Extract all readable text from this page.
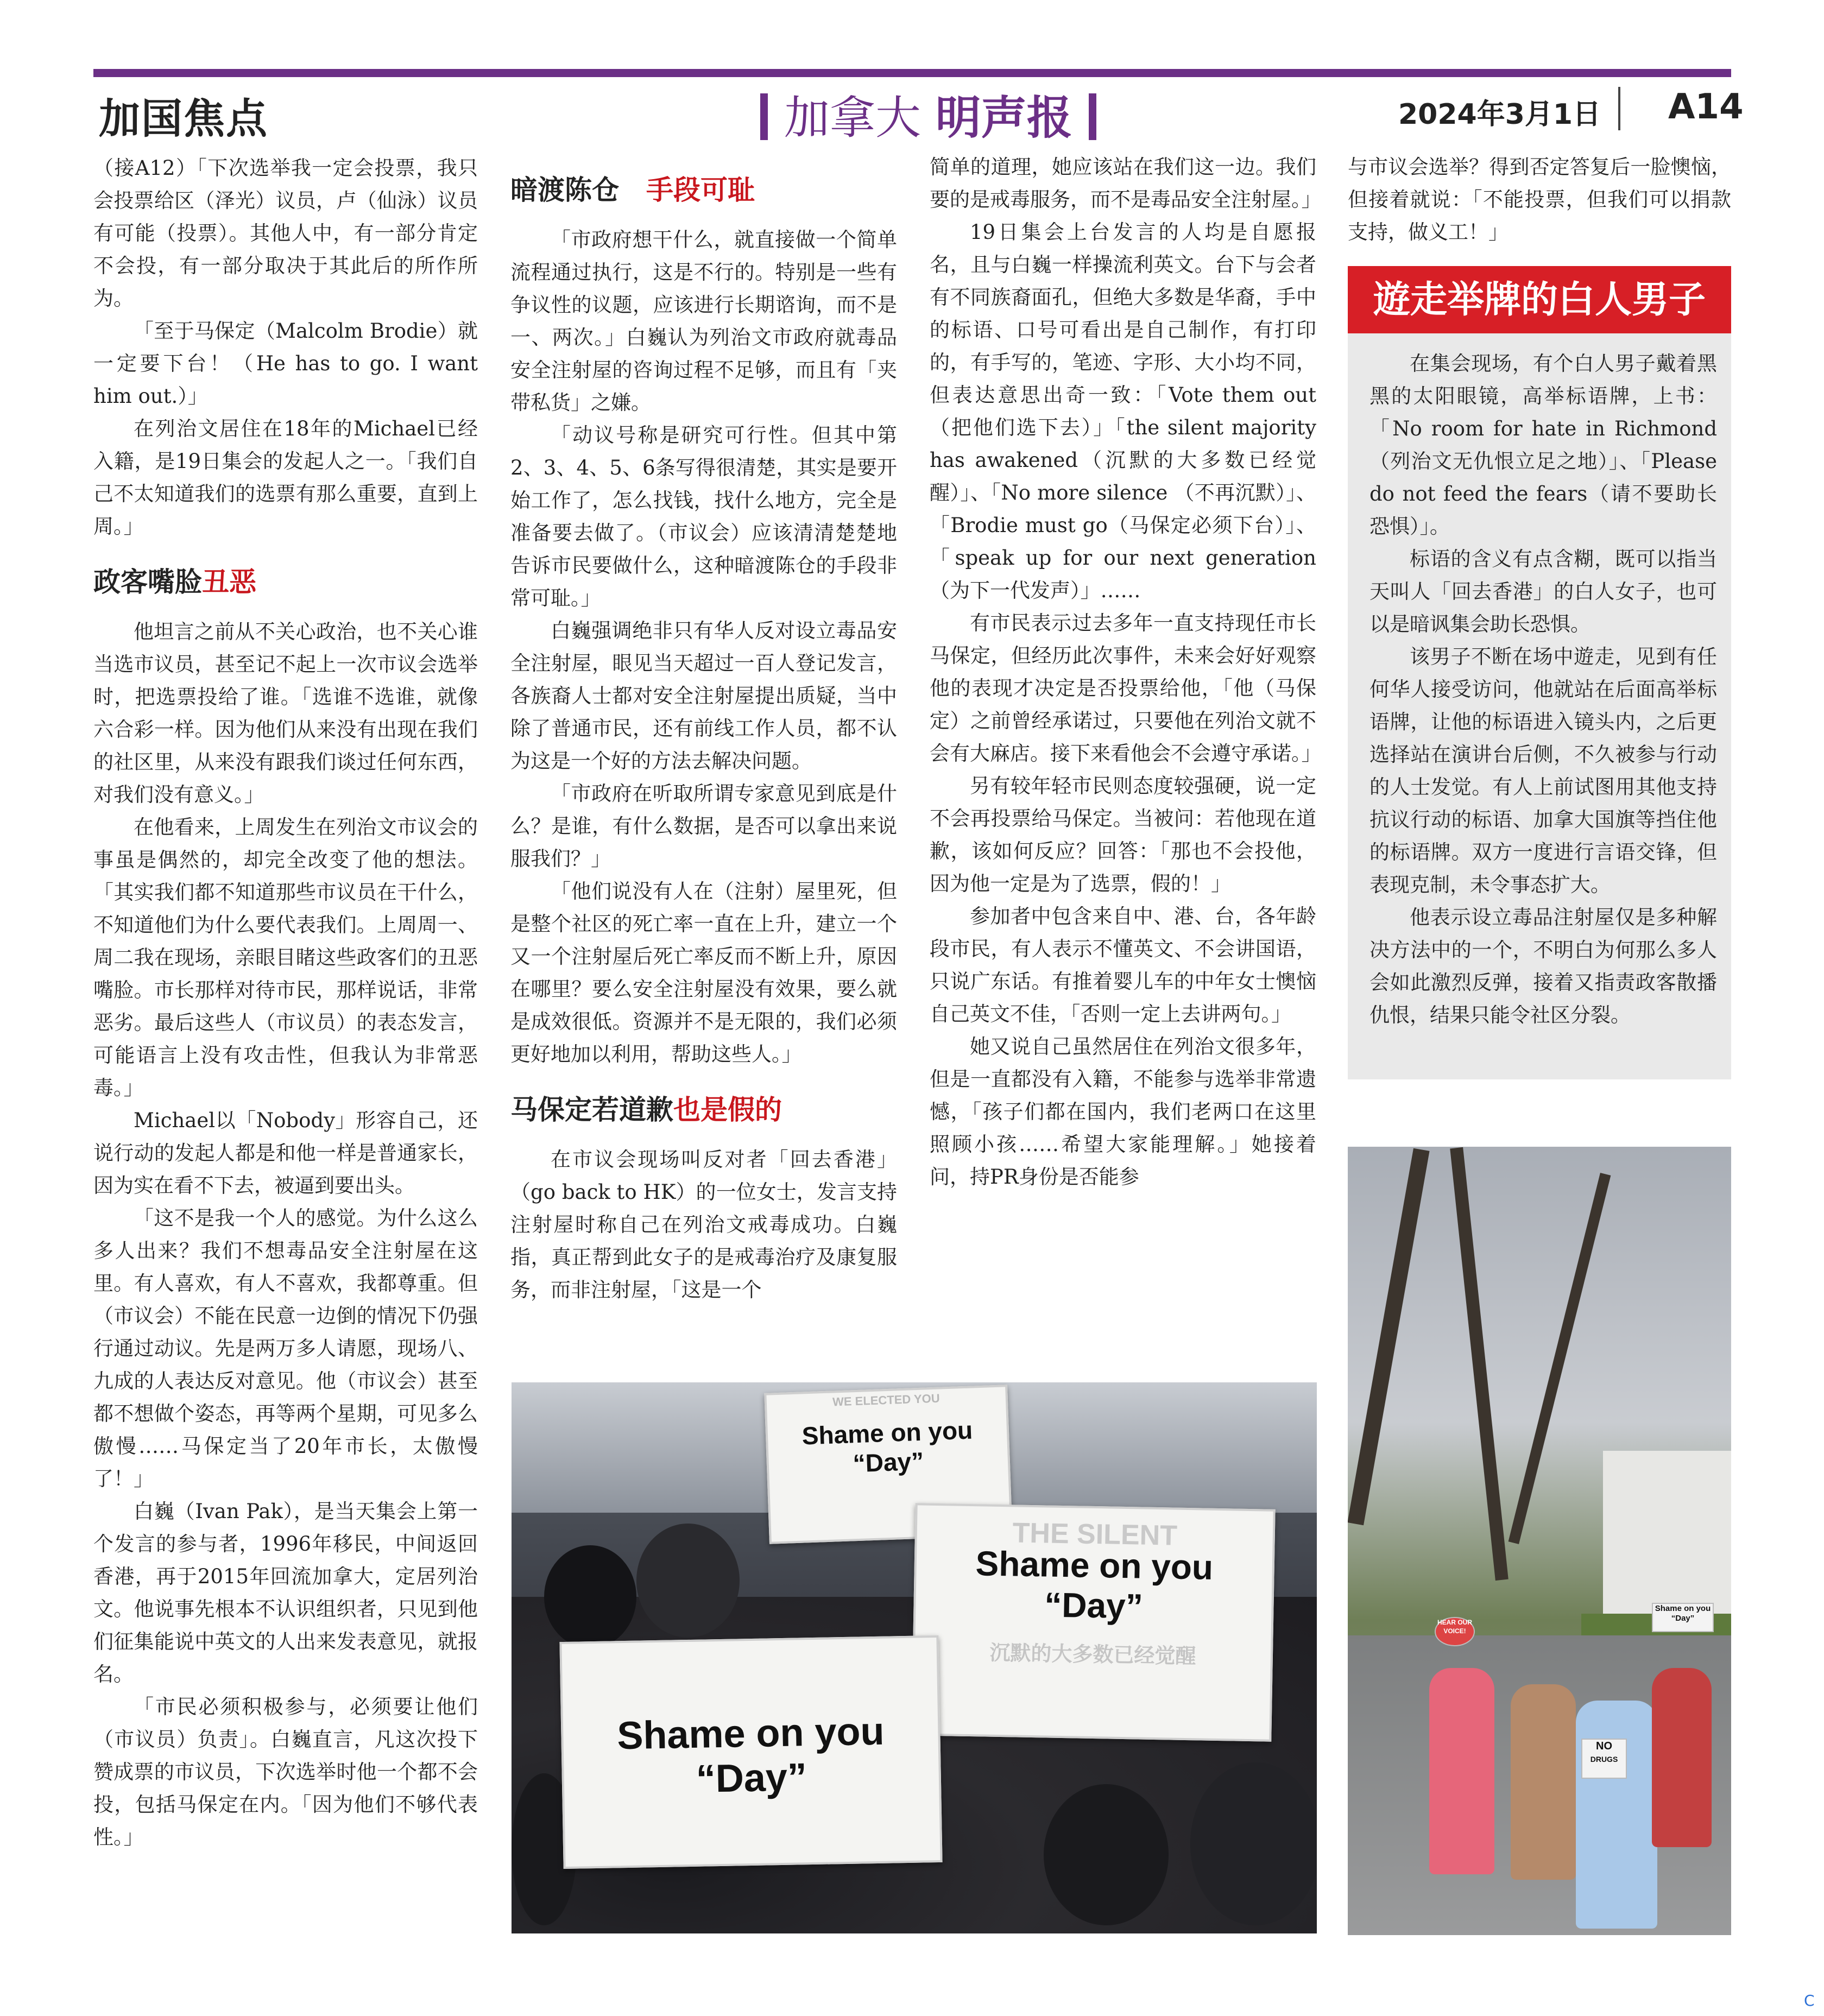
加国焦点	加拿大 明声报	2024年3月1日 A14

（接A12）「下次选举我一定会投票，我只会投票给区（泽光）议员，卢（仙泳）议员有可能（投票）。其他人中，有一部分肯定不会投，有一部分取决于其此后的所作所为。

「至于马保定（Malcolm Brodie）就一定要下台！（He has to go. I want him out.）」

在列治文居住在18年的Michael已经入籍，是19日集会的发起人之一。「我们自己不太知道我们的选票有那么重要，直到上周。」

政客嘴脸丑恶

他坦言之前从不关心政治，也不关心谁当选市议员，甚至记不起上一次市议会选举时，把选票投给了谁。「选谁不选谁，就像六合彩一样。因为他们从来没有出现在我们的社区里，从来没有跟我们谈过任何东西，对我们没有意义。」

在他看来，上周发生在列治文市议会的事虽是偶然的，却完全改变了他的想法。「其实我们都不知道那些市议员在干什么，不知道他们为什么要代表我们。上周周一、周二我在现场，亲眼目睹这些政客们的丑恶嘴脸。市长那样对待市民，那样说话，非常恶劣。最后这些人（市议员）的表态发言，可能语言上没有攻击性，但我认为非常恶毒。」

Michael以「Nobody」形容自己，还说行动的发起人都是和他一样是普通家长，因为实在看不下去，被逼到要出头。

「这不是我一个人的感觉。为什么这么多人出来？我们不想毒品安全注射屋在这里。有人喜欢，有人不喜欢，我都尊重。但（市议会）不能在民意一边倒的情况下仍强行通过动议。先是两万多人请愿，现场八、九成的人表达反对意见。他（市议会）甚至都不想做个姿态，再等两个星期，可见多么傲慢……马保定当了20年市长，太傲慢了！」

白巍（Ivan Pak），是当天集会上第一个发言的参与者，1996年移民，中间返回香港，再于2015年回流加拿大，定居列治文。他说事先根本不认识组织者，只见到他们征集能说中英文的人出来发表意见，就报名。

「市民必须积极参与，必须要让他们（市议员）负责」。白巍直言，凡这次投下赞成票的市议员，下次选举时他一个都不会投，包括马保定在内。「因为他们不够代表性。」

暗渡陈仓 手段可耻

「市政府想干什么，就直接做一个简单流程通过执行，这是不行的。特别是一些有争议性的议题，应该进行长期谘询，而不是一、两次。」白巍认为列治文市政府就毒品安全注射屋的咨询过程不足够，而且有「夹带私货」之嫌。

「动议号称是研究可行性。但其中第2、3、4、5、6条写得很清楚，其实是要开始工作了，怎么找钱，找什么地方，完全是准备要去做了。（市议会）应该清清楚楚地告诉市民要做什么，这种暗渡陈仓的手段非常可耻。」

白巍强调绝非只有华人反对设立毒品安全注射屋，眼见当天超过一百人登记发言，各族裔人士都对安全注射屋提出质疑，当中除了普通市民，还有前线工作人员，都不认为这是一个好的方法去解决问题。

「市政府在听取所谓专家意见到底是什么？是谁，有什么数据，是否可以拿出来说服我们？」

「他们说没有人在（注射）屋里死，但是整个社区的死亡率一直在上升，建立一个又一个注射屋后死亡率反而不断上升，原因在哪里？要么安全注射屋没有效果，要么就是成效很低。资源并不是无限的，我们必须更好地加以利用，帮助这些人。」

马保定若道歉也是假的

在市议会现场叫反对者「回去香港」（go back to HK）的一位女士，发言支持注射屋时称自己在列治文戒毒成功。白巍指，真正帮到此女子的是戒毒治疗及康复服务，而非注射屋，「这是一个

简单的道理，她应该站在我们这一边。我们要的是戒毒服务，而不是毒品安全注射屋。」

19日集会上台发言的人均是自愿报名，且与白巍一样操流利英文。台下与会者有不同族裔面孔，但绝大多数是华裔，手中的标语、口号可看出是自己制作，有打印的，有手写的，笔迹、字形、大小均不同，但表达意思出奇一致：「Vote them out（把他们选下去）」「the silent majority has awakened（沉默的大多数已经觉醒）」、「No more silence （不再沉默）」、「Brodie must go（马保定必须下台）」、「speak up for our next generation（为下一代发声）」……

有市民表示过去多年一直支持现任市长马保定，但经历此次事件，未来会好好观察他的表现才决定是否投票给他，「他（马保定）之前曾经承诺过，只要他在列治文就不会有大麻店。接下来看他会不会遵守承诺。」

另有较年轻市民则态度较强硬，说一定不会再投票给马保定。当被问：若他现在道歉，该如何反应？回答：「那也不会投他，因为他一定是为了选票，假的！」

参加者中包含来自中、港、台，各年龄段市民，有人表示不懂英文、不会讲国语，只说广东话。有推着婴儿车的中年女士懊恼自己英文不佳，「否则一定上去讲两句。」

她又说自己虽然居住在列治文很多年，但是一直都没有入籍，不能参与选举非常遗憾，「孩子们都在国内，我们老两口在这里照顾小孩……希望大家能理解。」她接着问，持PR身份是否能参

与市议会选举？得到否定答复后一脸懊恼，但接着就说：「不能投票，但我们可以捐款支持，做义工！」

遊走举牌的白人男子

在集会现场，有个白人男子戴着黑黑的太阳眼镜，高举标语牌，上书：「No room for hate in Richmond（列治文无仇恨立足之地）」、「Please do not feed the fears（请不要助长恐惧）」。

标语的含义有点含糊，既可以指当天叫人「回去香港」的白人女子，也可以是暗讽集会助长恐惧。

该男子不断在场中遊走，见到有任何华人接受访问，他就站在后面高举标语牌，让他的标语进入镜头内，之后更选择站在演讲台后侧，不久被参与行动的人士发觉。有人上前试图用其他支持抗议行动的标语、加拿大国旗等挡住他的标语牌。双方一度进行言语交锋，但表现克制，未令事态扩大。

他表示设立毒品注射屋仅是多种解决方法中的一个，不明白为何那么多人会如此激烈反弹，接着又指责政客散播仇恨，结果只能令社区分裂。

WE ELECTED YOU
Shame on you
“Day”
THE SILENT
Shame on you
“Day”
沉默的大多数已经觉醒
Shame on you
“Day”
Shame on you
“Day”
NO
DRUGS
HEAR OUR VOICE!
C
